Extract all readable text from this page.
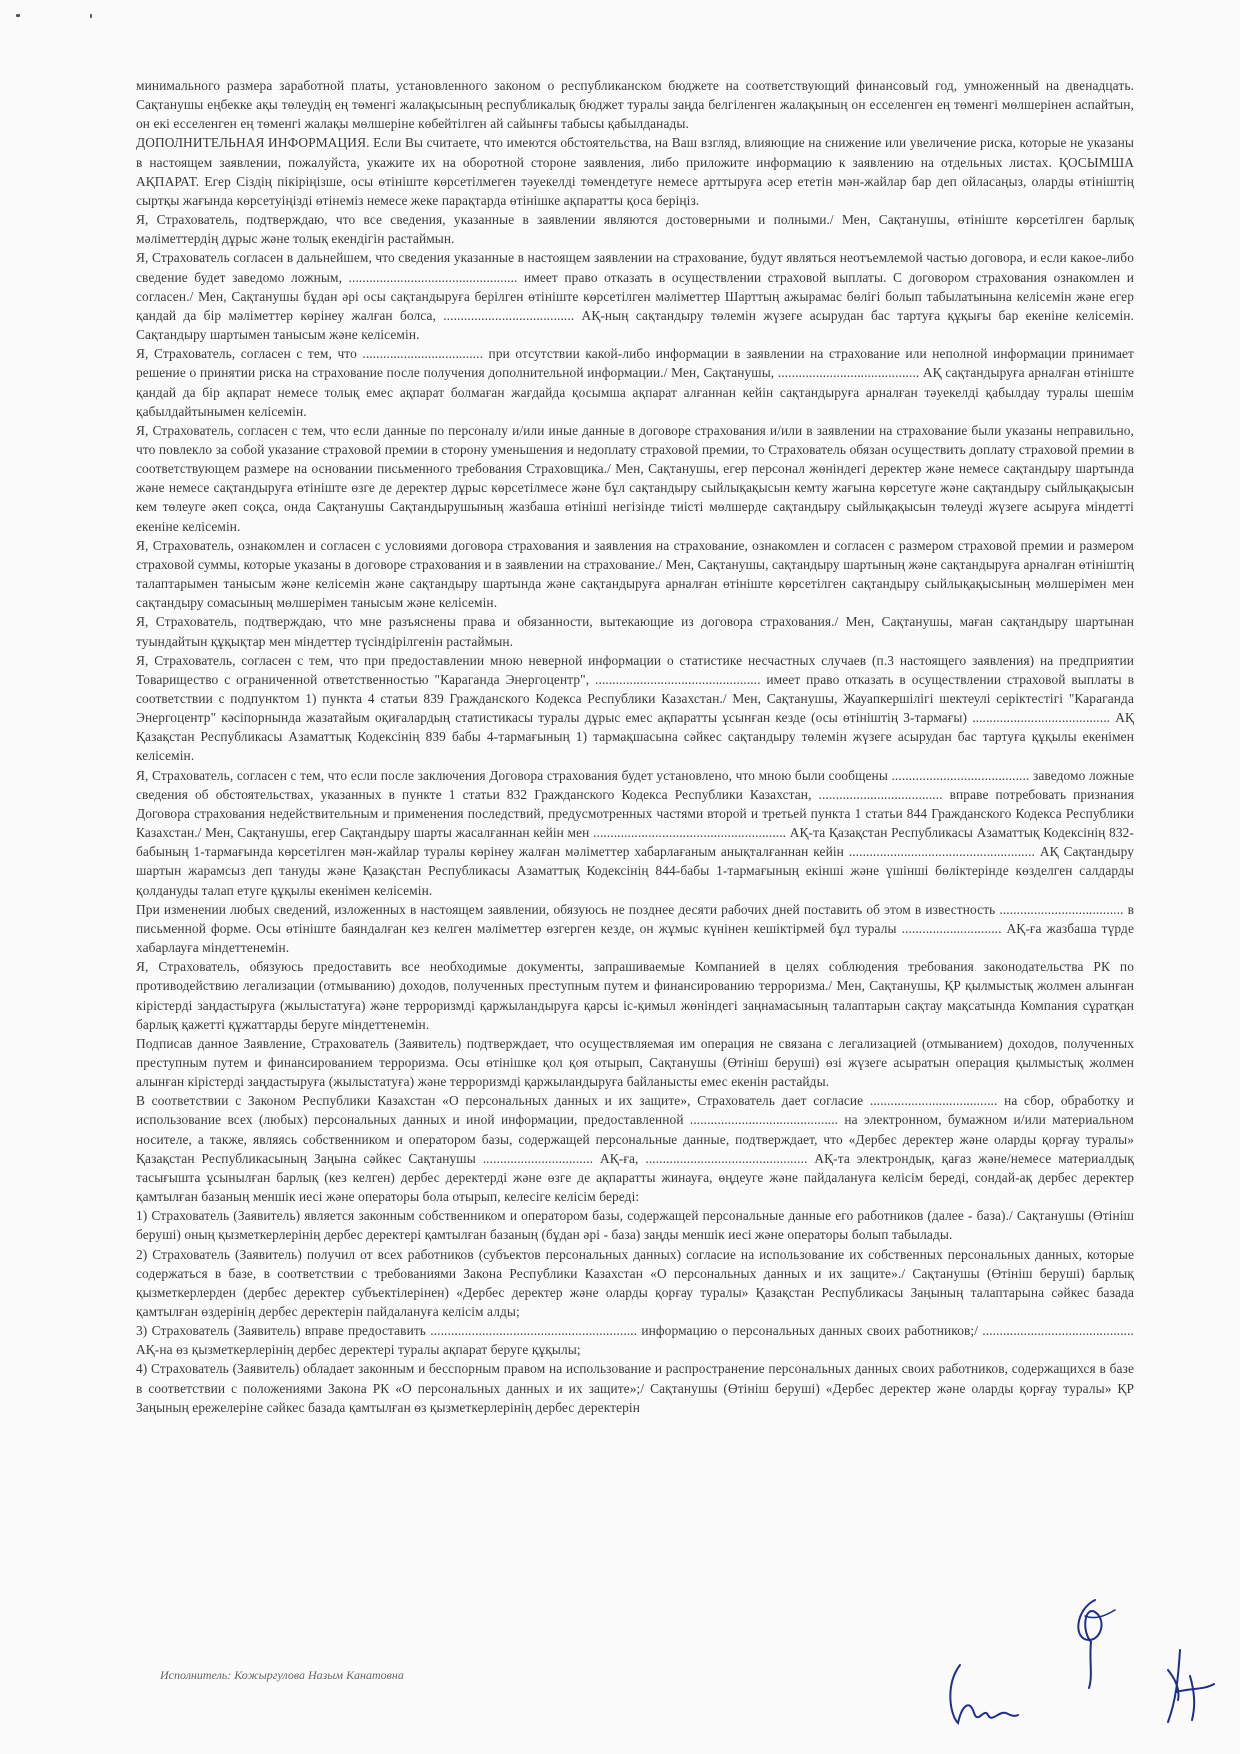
минимального размера заработной платы, установленного законом о республиканском бюджете на соответствующий финансовый год, умноженный на двенадцать. Сақтанушы еңбекке ақы төлеудің ең төменгі жалақысының республикалық бюджет туралы заңда белгіленген жалақының он есселенген ең төменгі мөлшерінен аспайтын, он екі есселенген ең төменгі жалақы мөлшеріне көбейтілген ай сайынғы табысы қабылданады.

ДОПОЛНИТЕЛЬНАЯ ИНФОРМАЦИЯ. Если Вы считаете, что имеются обстоятельства, на Ваш взгляд, влияющие на снижение или увеличение риска, которые не указаны в настоящем заявлении, пожалуйста, укажите их на оборотной стороне заявления, либо приложите информацию к заявлению на отдельных листах. ҚОСЫМША АҚПАРАТ. Егер Сіздің пікіріңізше, осы өтініште көрсетілмеген тәуекелді төмендетуге немесе арттыруға әсер ететін мән-жайлар бар деп ойласаңыз, оларды өтініштің сыртқы жағында көрсетуіңізді өтінеміз немесе жеке парақтарда өтінішке ақпаратты қоса беріңіз.

Я, Страхователь, подтверждаю, что все сведения, указанные в заявлении являются достоверными и полными./ Мен, Сақтанушы, өтініште көрсетілген барлық мәліметтердің дұрыс және толық екендігін растаймын.

Я, Страхователь согласен в дальнейшем, что сведения указанные в настоящем заявлении на страхование, будут являться неотъемлемой частью договора, и если какое-либо сведение будет заведомо ложным, ................................................. имеет право отказать в осуществлении страховой выплаты. С договором страхования ознакомлен и согласен./ Мен, Сақтанушы бұдан әрі осы сақтандыруға берілген өтініште көрсетілген мәліметтер Шарттың ажырамас бөлігі болып табылатынына келісемін және егер қандай да бір мәліметтер көрінеу жалған болса, ...................................... АҚ-ның сақтандыру төлемін жүзеге асырудан бас тартуға құқығы бар екеніне келісемін. Сақтандыру шартымен танысым және келісемін.

Я, Страхователь, согласен с тем, что ................................... при отсутствии какой-либо информации в заявлении на страхование или неполной информации принимает решение о принятии риска на страхование после получения дополнительной информации./ Мен, Сақтанушы, ......................................... АҚ сақтандыруға арналған өтініште қандай да бір ақпарат немесе толық емес ақпарат болмаған жағдайда қосымша ақпарат алғаннан кейін сақтандыруға арналған тәуекелді қабылдау туралы шешім қабылдайтынымен келісемін.

Я, Страхователь, согласен с тем, что если данные по персоналу и/или иные данные в договоре страхования и/или в заявлении на страхование были указаны неправильно, что повлекло за собой указание страховой премии в сторону уменьшения и недоплату страховой премии, то Страхователь обязан осуществить доплату страховой премии в соответствующем размере на основании письменного требования Страховщика./ Мен, Сақтанушы, егер персонал жөніндегі деректер және немесе сақтандыру шартында және немесе сақтандыруға өтініште өзге де деректер дұрыс көрсетілмесе және бұл сақтандыру сыйлықақысын кемту жағына көрсетуге және сақтандыру сыйлықақысын кем төлеуге әкеп соқса, онда Сақтанушы Сақтандырушының жазбаша өтініші негізінде тиісті мөлшерде сақтандыру сыйлықақысын төлеуді жүзеге асыруға міндетті екеніне келісемін.

Я, Страхователь, ознакомлен и согласен с условиями договора страхования и заявления на страхование, ознакомлен и согласен с размером страховой премии и размером страховой суммы, которые указаны в договоре страхования и в заявлении на страхование./ Мен, Сақтанушы, сақтандыру шартының және сақтандыруға арналған өтініштің талаптарымен танысым және келісемін және сақтандыру шартында және сақтандыруға арналған өтініште көрсетілген сақтандыру сыйлықақысының мөлшерімен мен сақтандыру сомасының мөлшерімен танысым және келісемін.

Я, Страхователь, подтверждаю, что мне разъяснены права и обязанности, вытекающие из договора страхования./ Мен, Сақтанушы, маған сақтандыру шартынан туындайтын құқықтар мен міндеттер түсіндірілгенін растаймын.

Я, Страхователь, согласен с тем, что при предоставлении мною неверной информации о статистике несчастных случаев (п.3 настоящего заявления) на предприятии Товарищество с ограниченной ответственностью "Караганда Энергоцентр", ................................................ имеет право отказать в осуществлении страховой выплаты в соответствии с подпунктом 1) пункта 4 статьи 839 Гражданского Кодекса Республики Казахстан./ Мен, Сақтанушы, Жауапкершілігі шектеулі серіктестігі "Караганда Энергоцентр" кәсіпорнында жазатайым оқиғалардың статистикасы туралы дұрыс емес ақпаратты ұсынған кезде (осы өтініштің 3-тармағы) ........................................ АҚ Қазақстан Республикасы Азаматтық Кодексінің 839 бабы 4-тармағының 1) тармақшасына сәйкес сақтандыру төлемін жүзеге асырудан бас тартуға құқылы екенімен келісемін.

Я, Страхователь, согласен с тем, что если после заключения Договора страхования будет установлено, что мною были сообщены ........................................ заведомо ложные сведения об обстоятельствах, указанных в пункте 1 статьи 832 Гражданского Кодекса Республики Казахстан, .................................... вправе потребовать признания Договора страхования недействительным и применения последствий, предусмотренных частями второй и третьей пункта 1 статьи 844 Гражданского Кодекса Республики Казахстан./ Мен, Сақтанушы, егер Сақтандыру шарты жасалғаннан кейін мен ........................................................ АҚ-та Қазақстан Республикасы Азаматтық Кодексінің 832-бабының 1-тармағында көрсетілген мән-жайлар туралы көрінеу жалған мәліметтер хабарлағаным анықталғаннан кейін ...................................................... АҚ Сақтандыру шартын жарамсыз деп тануды және Қазақстан Республикасы Азаматтық Кодексінің 844-бабы 1-тармағының екінші және үшінші бөліктерінде көзделген салдарды қолдануды талап етуге құқылы екенімен келісемін.

При изменении любых сведений, изложенных в настоящем заявлении, обязуюсь не позднее десяти рабочих дней поставить об этом в известность .................................... в письменной форме. Осы өтініште баяндалған кез келген мәліметтер өзгерген кезде, он жұмыс күнінен кешіктірмей бұл туралы ............................. АҚ-ға жазбаша түрде хабарлауға міндеттенемін.

Я, Страхователь, обязуюсь предоставить все необходимые документы, запрашиваемые Компанией в целях соблюдения требования законодательства РК по противодействию легализации (отмыванию) доходов, полученных преступным путем и финансированию терроризма./ Мен, Сақтанушы, ҚР қылмыстық жолмен алынған кірістерді заңдастыруға (жылыстатуға) және терроризмді қаржыландыруға қарсы іс-қимыл жөніндегі заңнамасының талаптарын сақтау мақсатында Компания сұратқан барлық қажетті құжаттарды беруге міндеттенемін.

Подписав данное Заявление, Страхователь (Заявитель) подтверждает, что осуществляемая им операция не связана с легализацией (отмыванием) доходов, полученных преступным путем и финансированием терроризма. Осы өтінішке қол қоя отырып, Сақтанушы (Өтініш беруші) өзі жүзеге асыратын операция қылмыстық жолмен алынған кірістерді заңдастыруға (жылыстатуға) және терроризмді қаржыландыруға байланысты емес екенін растайды.

В соответствии с Законом Республики Казахстан «О персональных данных и их защите», Страхователь дает согласие ..................................... на сбор, обработку и использование всех (любых) персональных данных и иной информации, предоставленной ........................................... на электронном, бумажном и/или материальном носителе, а также, являясь собственником и оператором базы, содержащей персональные данные, подтверждает, что «Дербес деректер және оларды қорғау туралы» Қазақстан Республикасының Заңына сәйкес Сақтанушы ................................ АҚ-ға, ............................................... АҚ-та электрондық, қағаз және/немесе материалдық тасығышта ұсынылған барлық (кез келген) дербес деректерді және өзге де ақпаратты жинауға, өңдеуге және пайдалануға келісім береді, сондай-ақ дербес деректер қамтылған базаның меншік иесі және операторы бола отырып, келесіге келісім береді:

1) Страхователь (Заявитель) является законным собственником и оператором базы, содержащей персональные данные его работников (далее - база)./ Сақтанушы (Өтініш беруші) оның қызметкерлерінің дербес деректері қамтылған базаның (бұдан әрі - база) заңды меншік иесі және операторы болып табылады.

2) Страхователь (Заявитель) получил от всех работников (субъектов персональных данных) согласие на использование их собственных персональных данных, которые содержаться в базе, в соответствии с требованиями Закона Республики Казахстан «О персональных данных и их защите»./ Сақтанушы (Өтініш беруші) барлық қызметкерлерден (дербес деректер субъектілерінен) «Дербес деректер және оларды қорғау туралы» Қазақстан Республикасы Заңының талаптарына сәйкес базада қамтылған өздерінің дербес деректерін пайдалануға келісім алды;

3) Страхователь (Заявитель) вправе предоставить ............................................................ информацию о персональных данных своих работников;/ ............................................ АҚ-на өз қызметкерлерінің дербес деректері туралы ақпарат беруге құқылы;

4) Страхователь (Заявитель) обладает законным и бесспорным правом на использование и распространение персональных данных своих работников, содержащихся в базе в соответствии с положениями Закона РК «О персональных данных и их защите»;/ Сақтанушы (Өтініш беруші) «Дербес деректер және оларды қорғау туралы» ҚР Заңының ережелеріне сәйкес базада қамтылған өз қызметкерлерінің дербес деректерін

Исполнитель: Кожыргулова Назым Канатовна
